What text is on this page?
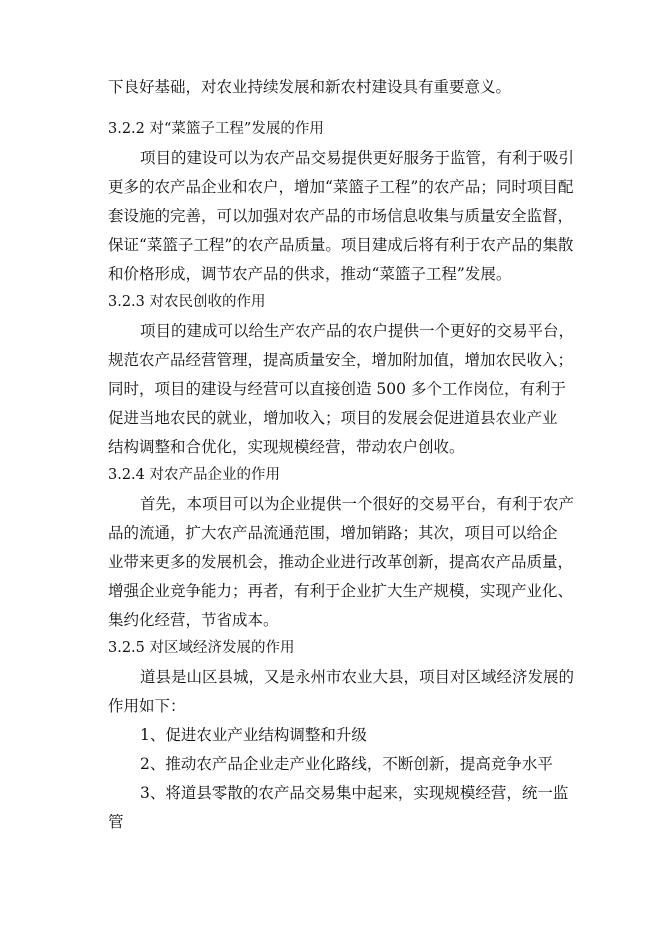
下良好基础，对农业持续发展和新农村建设具有重要意义。
3.2.2 对“菜篮子工程”发展的作用
项目的建设可以为农产品交易提供更好服务于监管，有利于吸引
更多的农产品企业和农户，增加“菜篮子工程”的农产品；同时项目配
套设施的完善，可以加强对农产品的市场信息收集与质量安全监督，
保证“菜篮子工程”的农产品质量。项目建成后将有利于农产品的集散
和价格形成，调节农产品的供求，推动“菜篮子工程”发展。
3.2.3 对农民创收的作用
项目的建成可以给生产农产品的农户提供一个更好的交易平台，
规范农产品经营管理，提高质量安全，增加附加值，增加农民收入；
同时，项目的建设与经营可以直接创造 500 多个工作岗位，有利于
促进当地农民的就业，增加收入；项目的发展会促进道县农业产业
结构调整和合优化，实现规模经营，带动农户创收。
3.2.4 对农产品企业的作用
首先，本项目可以为企业提供一个很好的交易平台，有利于农产
品的流通，扩大农产品流通范围，增加销路；其次，项目可以给企
业带来更多的发展机会，推动企业进行改革创新，提高农产品质量，
增强企业竞争能力；再者，有利于企业扩大生产规模，实现产业化、
集约化经营，节省成本。
3.2.5 对区域经济发展的作用
道县是山区县城，又是永州市农业大县，项目对区域经济发展的
作用如下：
1、促进农业产业结构调整和升级
2、推动农产品企业走产业化路线，不断创新，提高竞争水平
3、将道县零散的农产品交易集中起来，实现规模经营，统一监
管
